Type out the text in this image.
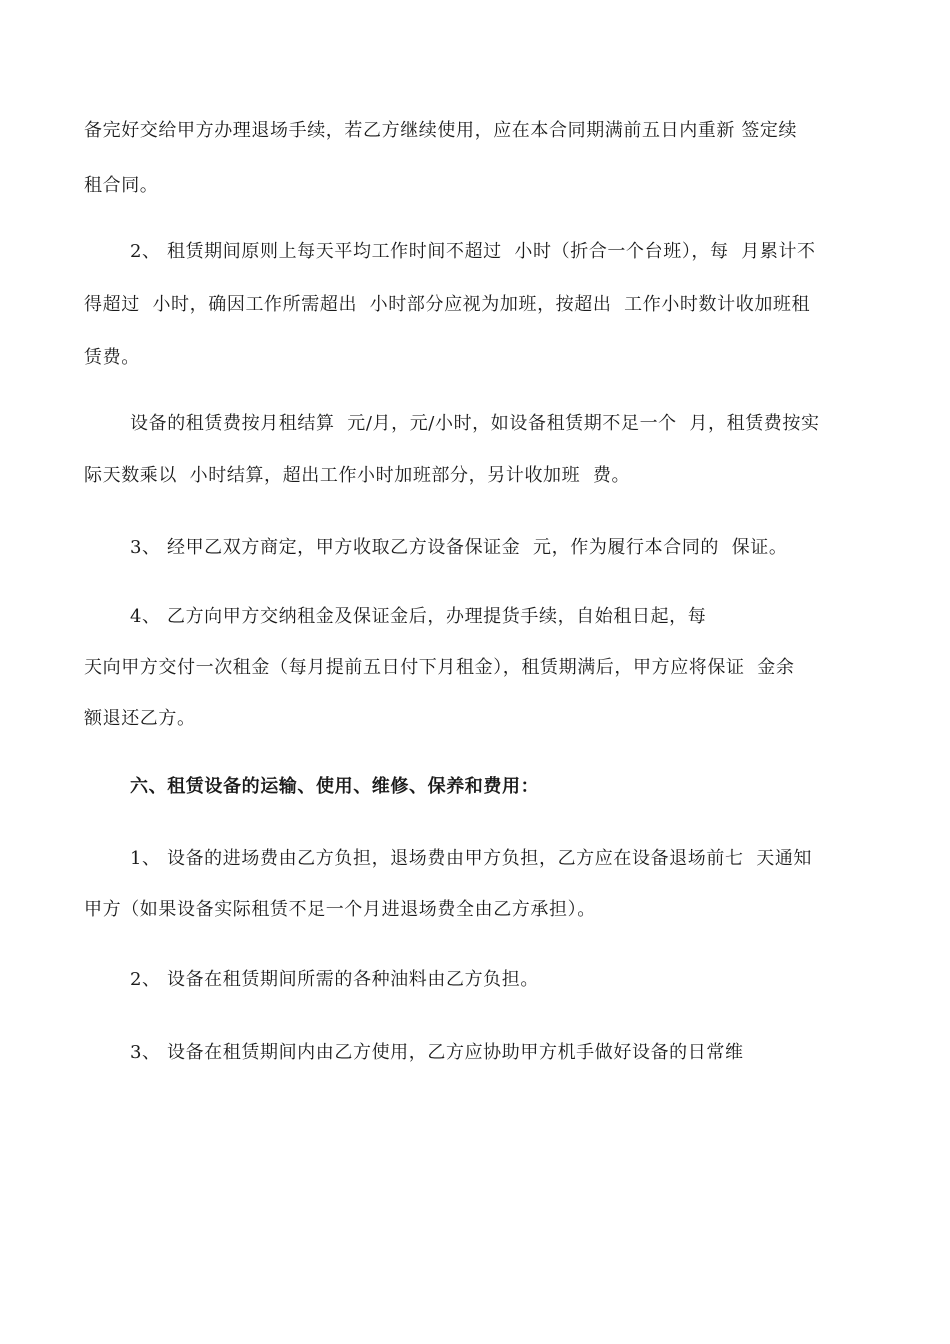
备完好交给甲方办理退场手续，若乙方继续使用，应在本合同期满前五日内重新 签定续
租合同。
2、 租赁期间原则上每天平均工作时间不超过  小时（折合一个台班），每  月累计不
得超过  小时，确因工作所需超出  小时部分应视为加班，按超出  工作小时数计收加班租
赁费。
设备的租赁费按月租结算  元/月，元/小时，如设备租赁期不足一个  月，租赁费按实
际天数乘以  小时结算，超出工作小时加班部分，另计收加班  费。
3、 经甲乙双方商定，甲方收取乙方设备保证金  元，作为履行本合同的  保证。
4、 乙方向甲方交纳租金及保证金后，办理提货手续，自始租日起，每
天向甲方交付一次租金（每月提前五日付下月租金），租赁期满后，甲方应将保证  金余
额退还乙方。
六、租赁设备的运输、使用、维修、保养和费用：
1、 设备的进场费由乙方负担，退场费由甲方负担，乙方应在设备退场前七  天通知
甲方（如果设备实际租赁不足一个月进退场费全由乙方承担）。
2、 设备在租赁期间所需的各种油料由乙方负担。
3、 设备在租赁期间内由乙方使用，乙方应协助甲方机手做好设备的日常维
